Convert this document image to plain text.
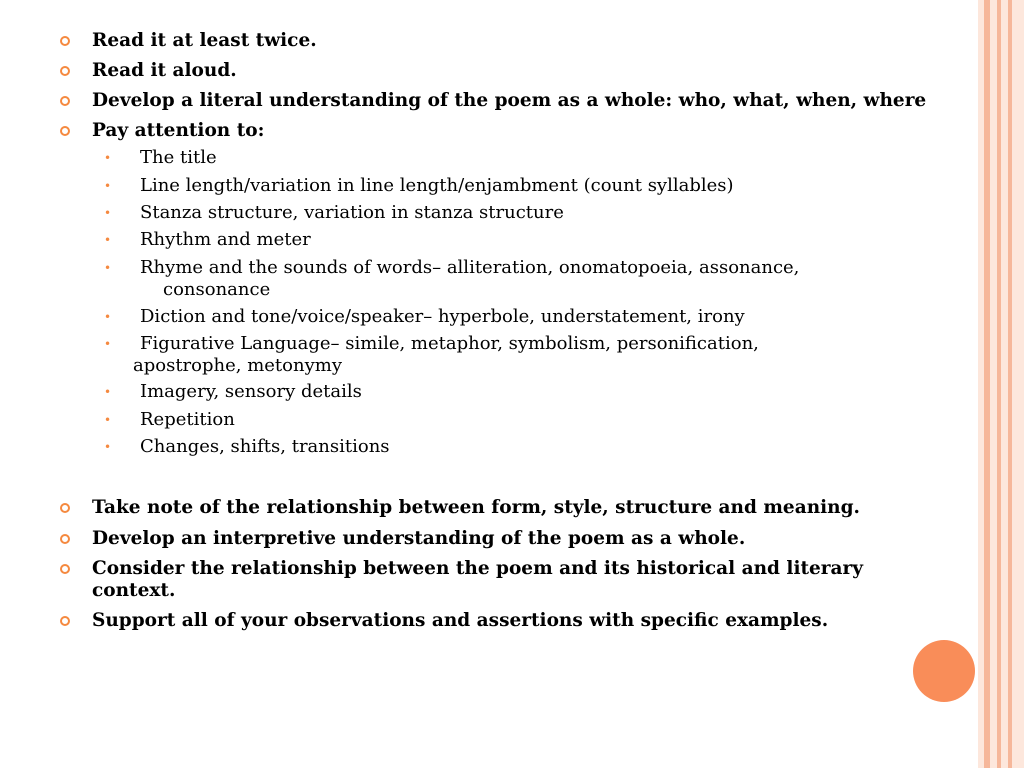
Read it at least twice.
Read it aloud.
Develop a literal understanding of the poem as a whole: who, what, when, where
Pay attention to:
• The title
• Line length/variation in line length/enjambment (count syllables)
• Stanza structure, variation in stanza structure
• Rhythm and meter
• Rhyme and the sounds of words– alliteration, onomatopoeia, assonance,
consonance
• Diction and tone/voice/speaker– hyperbole, understatement, irony
• Figurative Language– simile, metaphor, symbolism, personification,
apostrophe, metonymy
• Imagery, sensory details
• Repetition
• Changes, shifts, transitions
Take note of the relationship between form, style, structure and meaning.
Develop an interpretive understanding of the poem as a whole.
Consider the relationship between the poem and its historical and literary
context.
Support all of your observations and assertions with specific examples.
